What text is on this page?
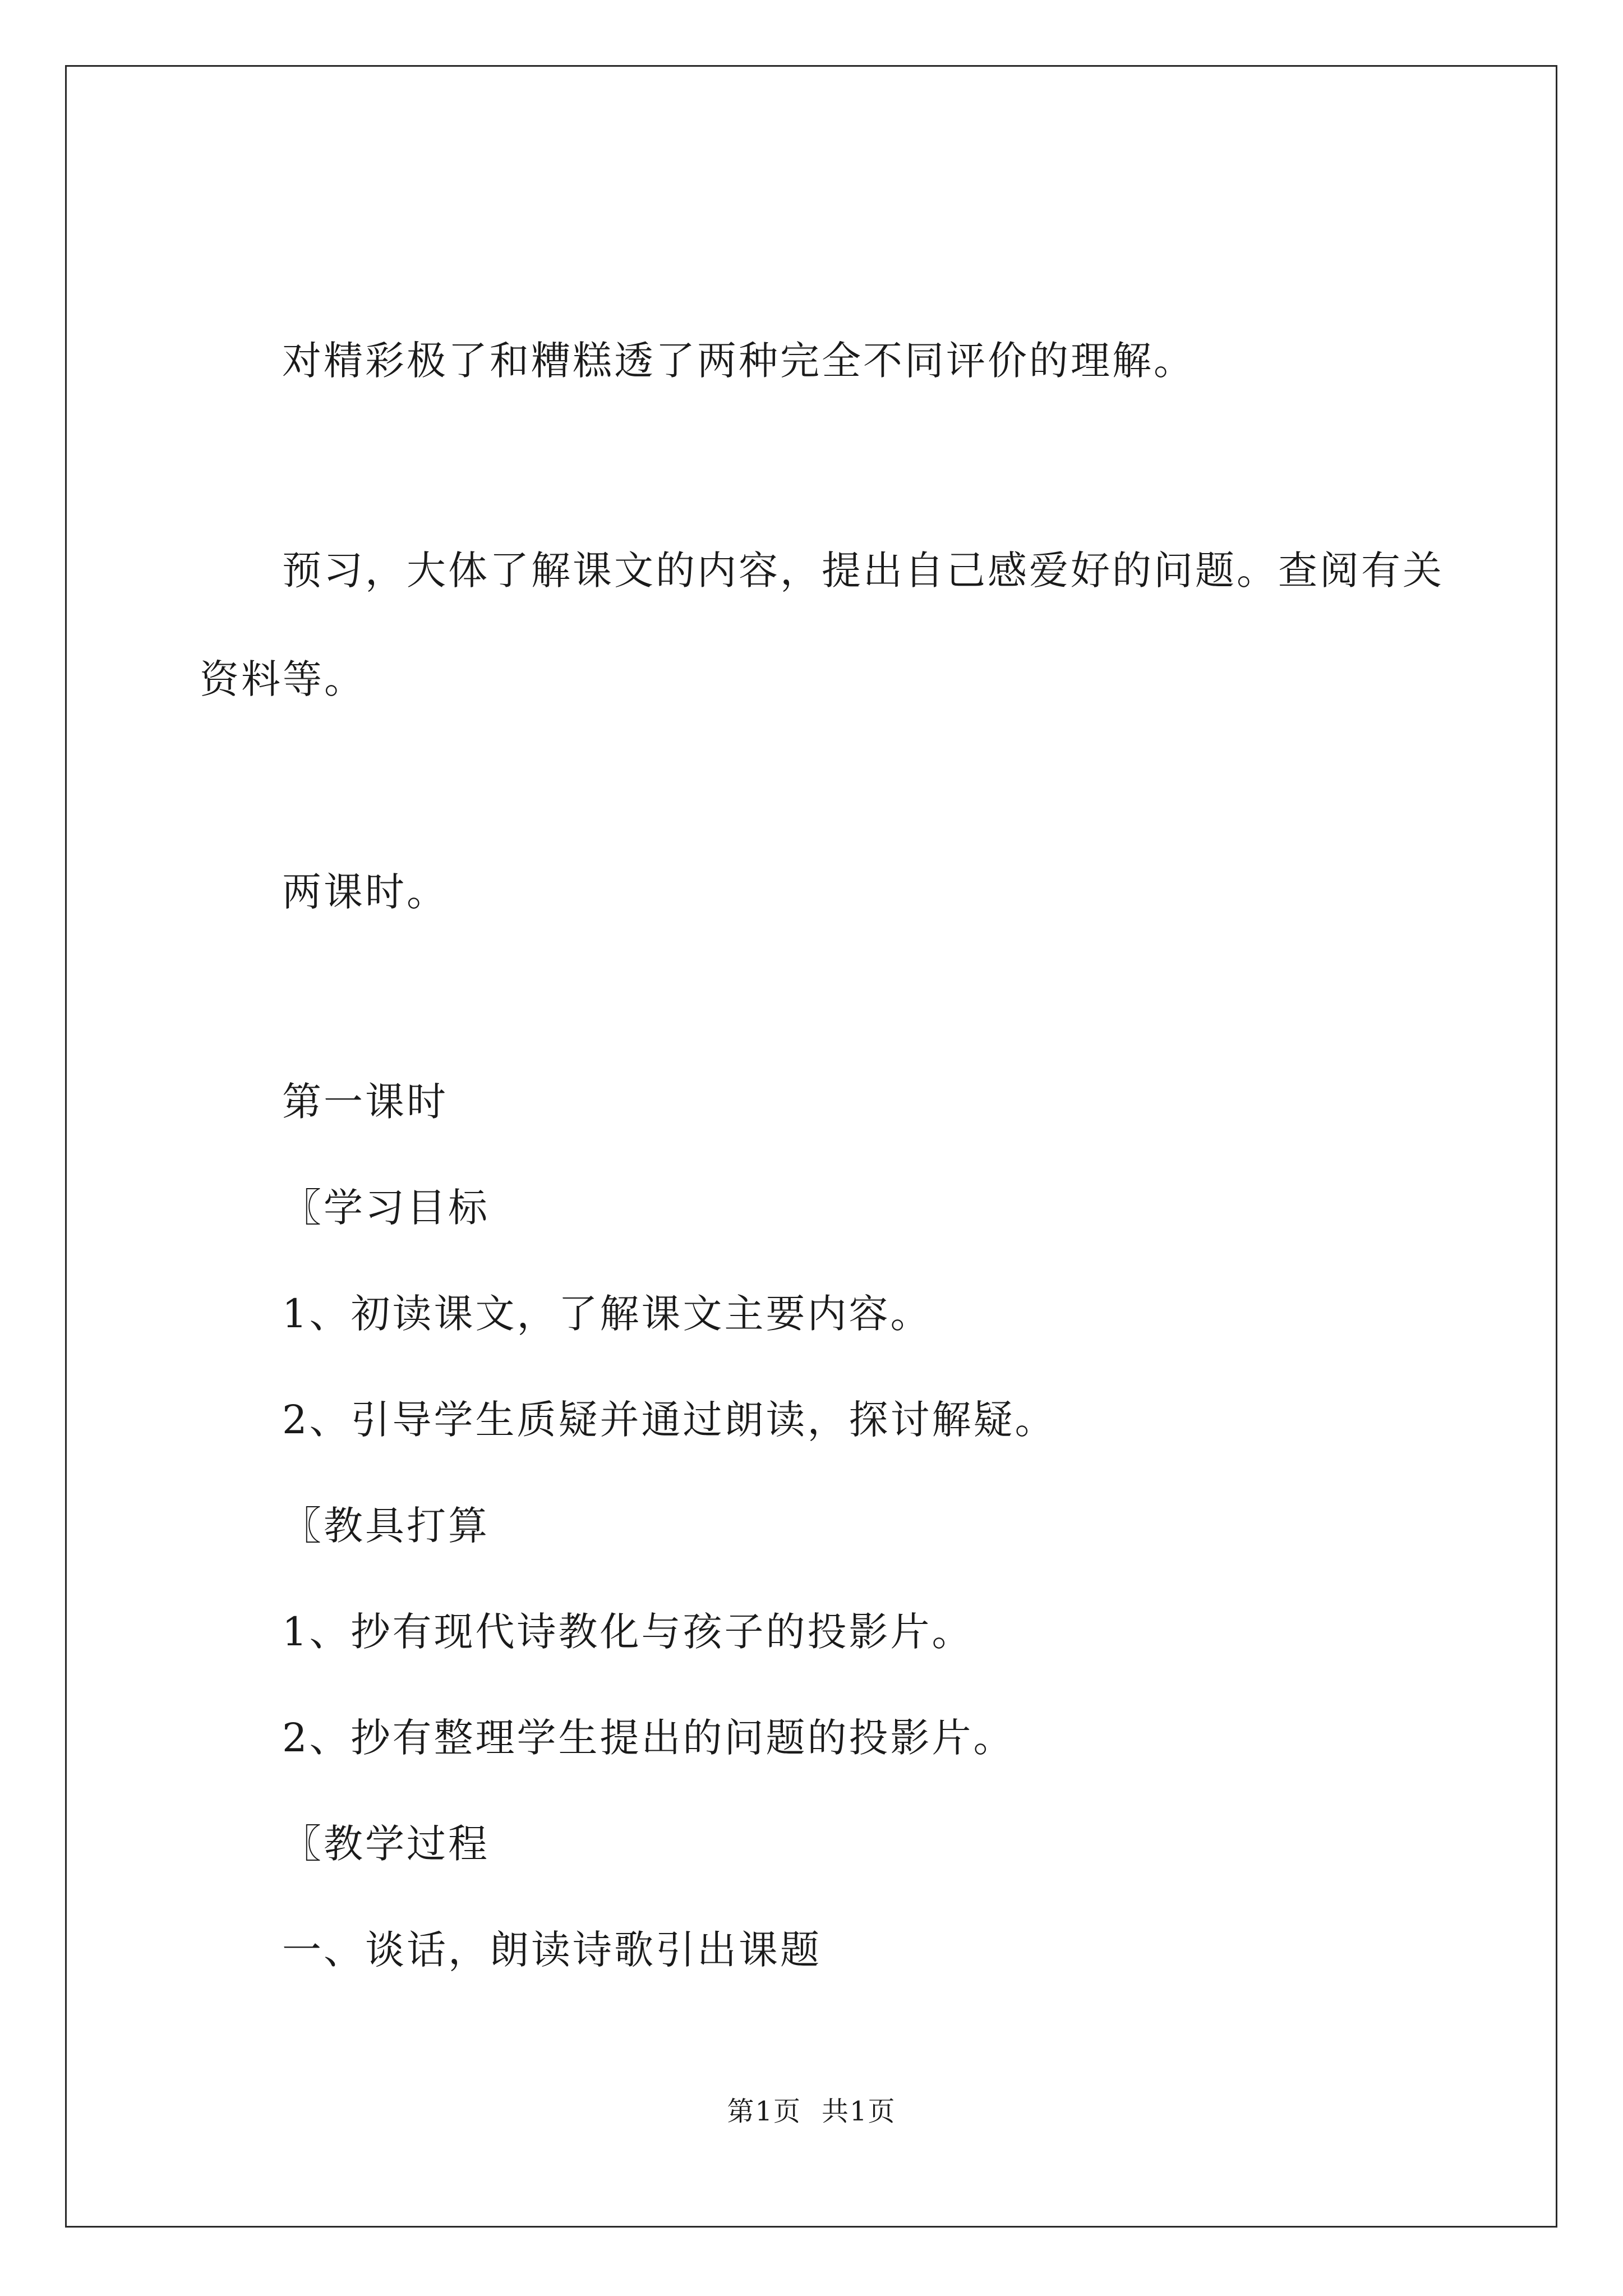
对精彩极了和糟糕透了两种完全不同评价的理解。
预习，大体了解课文的内容，提出自己感爱好的问题。查阅有关
资料等。
两课时。
第一课时
〖学习目标
1、初读课文，了解课文主要内容。
2、引导学生质疑并通过朗读，探讨解疑。
〖教具打算
1、抄有现代诗教化与孩子的投影片。
2、抄有整理学生提出的问题的投影片。
〖教学过程
一、谈话，朗读诗歌引出课题
第1页 共1页
